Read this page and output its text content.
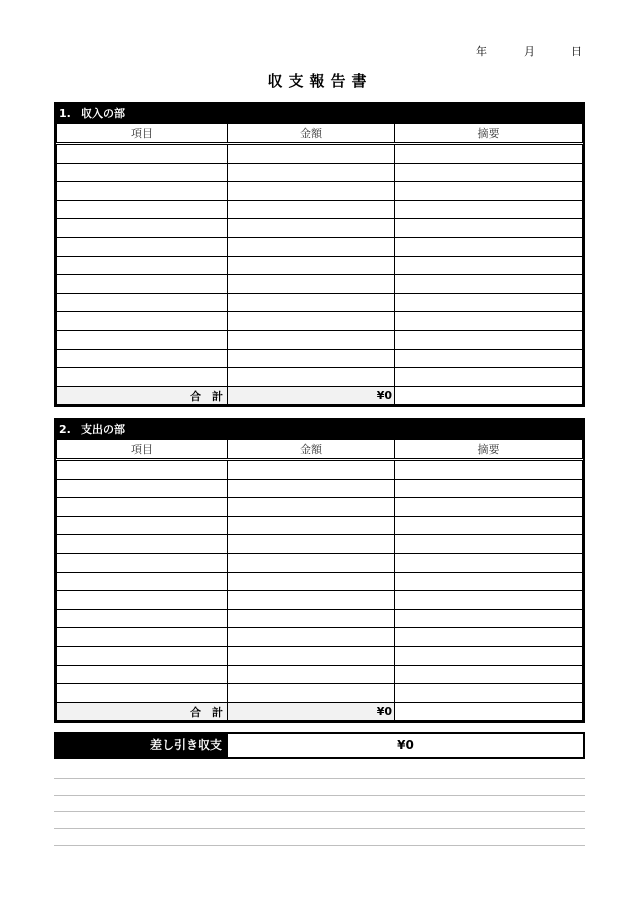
年	月	日
収支報告書
1. 収入の部
項目	金額	摘要

合　計	¥0	
2. 支出の部
項目	金額	摘要

合　計	¥0	
差し引き収支	¥0
